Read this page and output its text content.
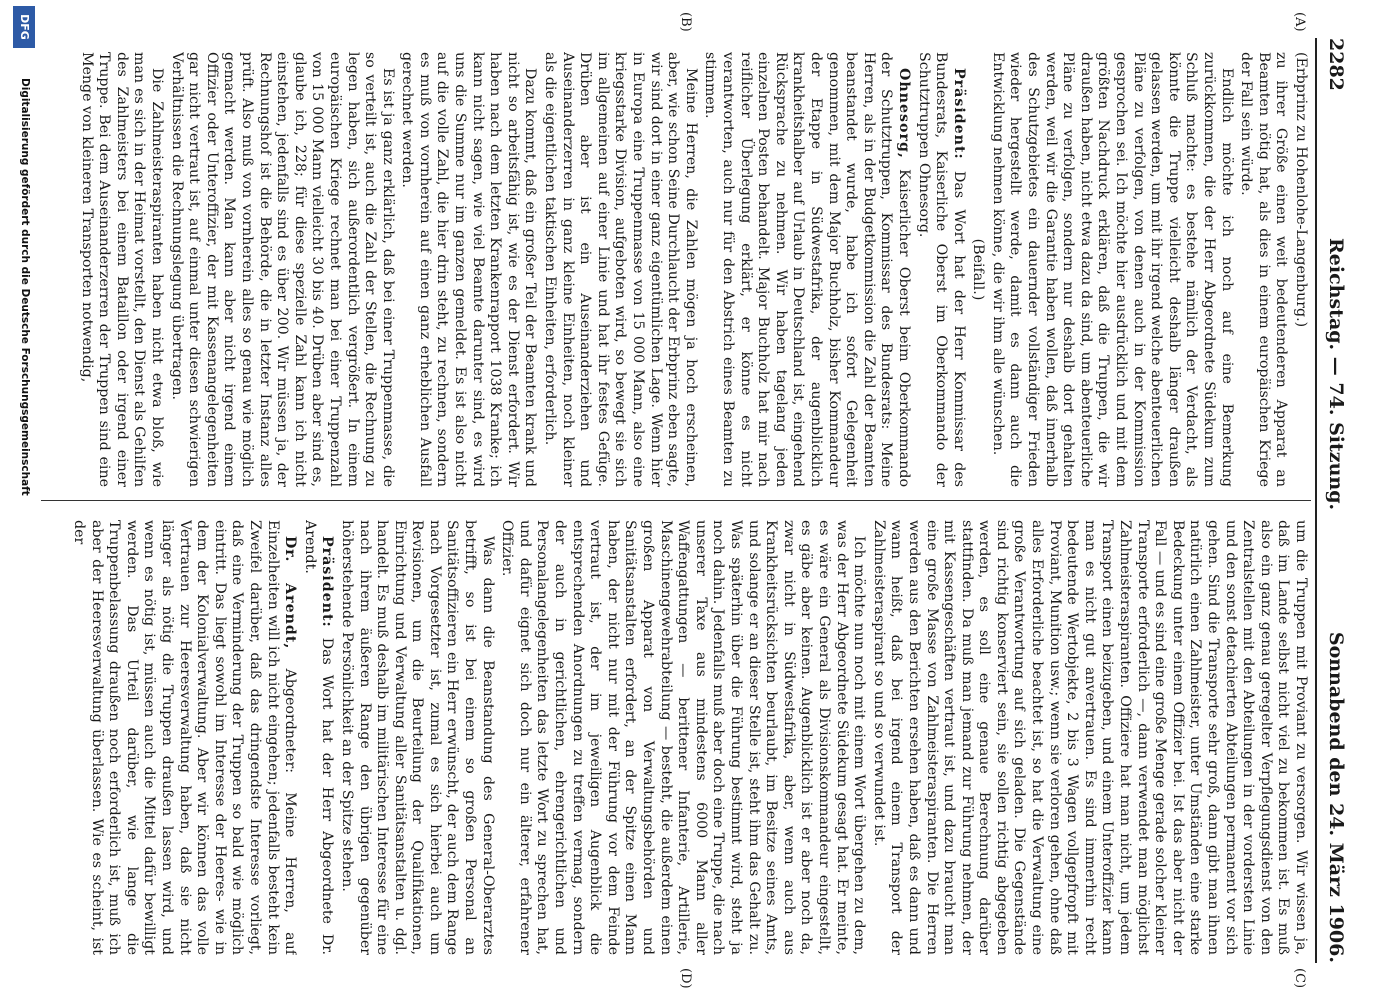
2282
Reichstag. — 74. Sitzung.
Sonnabend den 24. März 1906.
(A)
(B)
(C)
(D)

(Erbprinz zu Hohenlohe-Langenburg.)

zu ihrer Größe einen weit bedeutenderen Apparat an Beamten nötig hat, als dies in einem europäischen Kriege der Fall sein würde.

Endlich möchte ich noch auf eine Bemerkung zurückkommen, die der Herr Abgeordnete Südekum zum Schluß machte: es bestehe nämlich der Verdacht, als könnte die Truppe vielleicht deshalb länger draußen gelassen werden, um mit ihr irgend welche abenteuerlichen Pläne zu verfolgen, von denen auch in der Kommission gesprochen sei. Ich möchte hier ausdrücklich und mit dem größten Nachdruck erklären, daß die Truppen, die wir draußen haben, nicht etwa dazu da sind, um abenteuerliche Pläne zu verfolgen, sondern nur deshalb dort gehalten werden, weil wir die Garantie haben wollen, daß innerhalb des Schutzgebietes ein dauernder vollständiger Frieden wieder hergestellt werde, damit es dann auch die Entwicklung nehmen könne, die wir ihm alle wünschen.

(Beifall.)

Präsident: Das Wort hat der Herr Kommissar des Bundesrats, Kaiserliche Oberst im Oberkommando der Schutztruppen Ohnesorg.

Ohnesorg, Kaiserlicher Oberst beim Oberkommando der Schutztruppen, Kommissar des Bundesrats: Meine Herren, als in der Budgetkommission die Zahl der Beamten beanstandet wurde, habe ich sofort Gelegenheit genommen, mit dem Major Buchholz, bisher Kommandeur der Etappe in Südwestafrika, der augenblicklich krankheitshalber auf Urlaub in Deutschland ist, eingehend Rücksprache zu nehmen. Wir haben tagelang jeden einzelnen Posten behandelt. Major Buchholz hat mir nach reiflicher Überlegung erklärt, er könne es nicht verantworten, auch nur für den Abstrich eines Beamten zu stimmen.

Meine Herren, die Zahlen mögen ja hoch erscheinen, aber, wie schon Seine Durchlaucht der Erbprinz eben sagte, wir sind dort in einer ganz eigentümlichen Lage. Wenn hier in Europa eine Truppenmasse von 15 000 Mann, also eine kriegsstarke Division, aufgeboten wird, so bewegt sie sich im allgemeinen auf einer Linie und hat ihr festes Gefüge. Drüben aber ist ein Auseinanderziehen und Auseinanderzerren in ganz kleine Einheiten, noch kleiner als die eigentlichen taktischen Einheiten, erforderlich.

Dazu kommt, daß ein großer Teil der Beamten krank und nicht so arbeitsfähig ist, wie es der Dienst erfordert. Wir haben nach dem letzten Krankenrapport 1038 Kranke; ich kann nicht sagen, wie viel Beamte darunter sind, es wird uns die Summe nur im ganzen gemeldet. Es ist also nicht auf die volle Zahl, die hier drin steht, zu rechnen, sondern es muß von vornherein auf einen ganz erheblichen Ausfall gerechnet werden.

Es ist ja ganz erklärlich, daß bei einer Truppenmasse, die so verteilt ist, auch die Zahl der Stellen, die Rechnung zu legen haben, sich außerordentlich vergrößert. In einem europäischen Kriege rechnet man bei einer Truppenzahl von 15 000 Mann vielleicht 30 bis 40. Drüben aber sind es, glaube ich, 228; für diese spezielle Zahl kann ich nicht einstehen, jedenfalls sind es über 200. Wir müssen ja, der Rechnungshof ist die Behörde, die in letzter Instanz alles prüft. Also muß von vornherein alles so genau wie möglich gemacht werden. Man kann aber nicht irgend einem Offizier oder Unteroffizier, der mit Kassenangelegenheiten gar nicht vertraut ist, auf einmal unter diesen schwierigen Verhältnissen die Rechnungslegung übertragen.

Die Zahlmeisteraspiranten haben nicht etwa bloß, wie man es sich in der Heimat vorstellt, den Dienst als Gehilfen des Zahlmeisters bei einem Bataillon oder irgend einer Truppe. Bei dem Auseinanderzerren der Truppen sind eine Menge von kleineren Transporten notwendig,

um die Truppen mit Proviant zu versorgen. Wir wissen ja, daß im Lande selbst nicht viel zu bekommen ist. Es muß also ein ganz genau geregelter Verpflegungsdienst von den Zentralstellen mit den Abteilungen in der vordersten Linie und den sonst detachierten Abteilungen permanent vor sich gehen. Sind die Transporte sehr groß, dann gibt man ihnen natürlich einen Zahlmeister, unter Umständen eine starke Bedeckung unter einem Offizier bei. Ist das aber nicht der Fall — und es sind eine große Menge gerade solcher kleiner Transporte erforderlich —, dann verwendet man möglichst Zahlmeisteraspiranten. Offiziere hat man nicht, um jedem Transport einen beizugeben, und einem Unteroffizier kann man es nicht gut anvertrauen. Es sind immerhin recht bedeutende Wertobjekte, 2 bis 3 Wagen vollgepfropft mit Proviant, Munition usw.; wenn sie verloren gehen, ohne daß alles Erforderliche beachtet ist, so hat die Verwaltung eine große Verantwortung auf sich geladen. Die Gegenstände sind richtig konserviert sein, sie sollen richtig abgegeben werden, es soll eine genaue Berechnung darüber stattfinden. Da muß man jemand zur Führung nehmen, der mit Kassengeschäften vertraut ist, und dazu braucht man eine große Masse von Zahlmeisteraspiranten. Die Herren werden aus den Berichten ersehen haben, daß es dann und wann heißt, daß bei irgend einem Transport der Zahlmeisteraspirant so und so verwundet ist.

Ich möchte nun noch mit einem Wort übergehen zu dem, was der Herr Abgeordnete Südekum gesagt hat. Er meinte, es wäre ein General als Divisionskommandeur eingestellt, es gäbe aber keinen. Augenblicklich ist er aber noch da, zwar nicht in Südwestafrika, aber, wenn auch aus Krankheitsrücksichten beurlaubt, im Besitze seines Amts, und solange er an dieser Stelle ist, steht ihm das Gehalt zu. Was späterhin über die Führung bestimmt wird, steht ja noch dahin. Jedenfalls muß aber doch eine Truppe, die nach unserer Taxe aus mindestens 6000 Mann aller Waffengattungen — berittener Infanterie, Artillerie, Maschinengewehrabteilung — besteht, die außerdem einen großen Apparat von Verwaltungsbehörden und Sanitätsanstalten erfordert, an der Spitze einen Mann haben, der nicht nur mit der Führung vor dem Feinde vertraut ist, der im jeweiligen Augenblick die entsprechenden Anordnungen zu treffen vermag, sondern der auch in gerichtlichen, ehrengerichtlichen und Personalangelegenheiten das letzte Wort zu sprechen hat, und dafür eignet sich doch nur ein älterer, erfahrener Offizier.

Was dann die Beanstandung des General-Oberarztes betrifft, so ist bei einem so großen Personal an Sanitätsoffizieren ein Herr erwünscht, der auch dem Range nach Vorgesetzter ist, zumal es sich hierbei auch um Revisionen, um die Beurteilung der Qualifikationen, Einrichtung und Verwaltung aller Sanitätsanstalten u. dgl. handelt. Es muß deshalb im militärischen Interesse für eine nach ihrem äußeren Range den übrigen gegenüber höherstehende Persönlichkeit an der Spitze stehen.

Präsident: Das Wort hat der Herr Abgeordnete Dr. Arendt.

Dr. Arendt, Abgeordneter: Meine Herren, auf Einzelheiten will ich nicht eingehen; jedenfalls besteht kein Zweifel darüber, daß das dringendste Interesse vorliegt, daß eine Verminderung der Truppen so bald wie möglich eintritt. Das liegt sowohl im Interesse der Heeres- wie in dem der Kolonialverwaltung. Aber wir können das volle Vertrauen zur Heeresverwaltung haben, daß sie nicht länger als nötig die Truppen draußen lassen wird, und wenn es nötig ist, müssen auch die Mittel dafür bewilligt werden. Das Urteil darüber, wie lange die Truppenbelassung draußen noch erforderlich ist, muß ich aber der Heeresverwaltung überlassen. Wie es scheint, ist der

DFG
Digitalisierung gefördert durch die Deutsche Forschungsgemeinschaft
